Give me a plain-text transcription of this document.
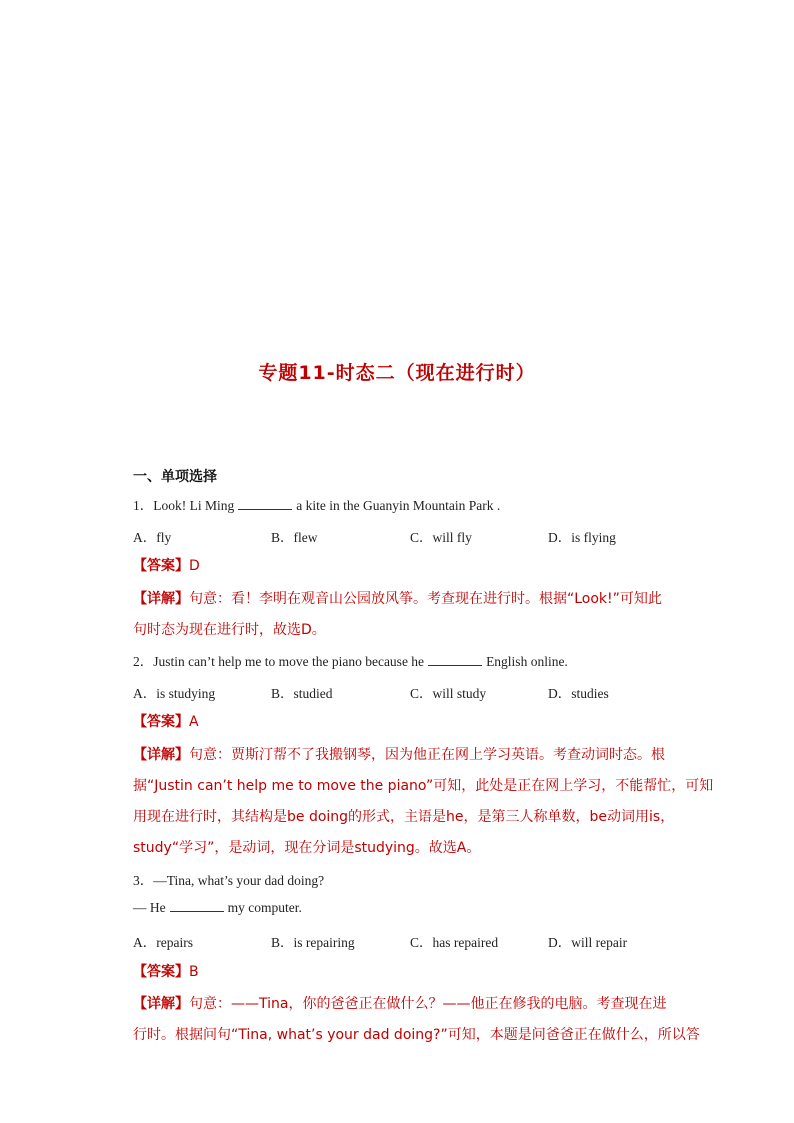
专题11-时态二（现在进行时）
一、单项选择
1．Look! Li Ming	a kite in the Guanyin Mountain Park .
A．fly	B．flew	C．will fly	D．is flying
【答案】D
【详解】句意：看！李明在观音山公园放风筝。考查现在进行时。根据“Look!”可知此
句时态为现在进行时，故选D。
2．Justin can’t help me to move the piano because he	English online.
A．is studying	B．studied	C．will study	D．studies
【答案】A
【详解】句意：贾斯汀帮不了我搬钢琴，因为他正在网上学习英语。考查动词时态。根
据“Justin can’t help me to move the piano”可知，此处是正在网上学习，不能帮忙，可知
用现在进行时，其结构是be doing的形式，主语是he，是第三人称单数，be动词用is，
study“学习”，是动词，现在分词是studying。故选A。
3．—Tina, what’s your dad doing?
— He	my computer.
A．repairs	B．is repairing	C．has repaired	D．will repair
【答案】B
【详解】句意：——Tina，你的爸爸正在做什么？——他正在修我的电脑。考查现在进
行时。根据问句“Tina, what’s your dad doing?”可知，本题是问爸爸正在做什么，所以答
